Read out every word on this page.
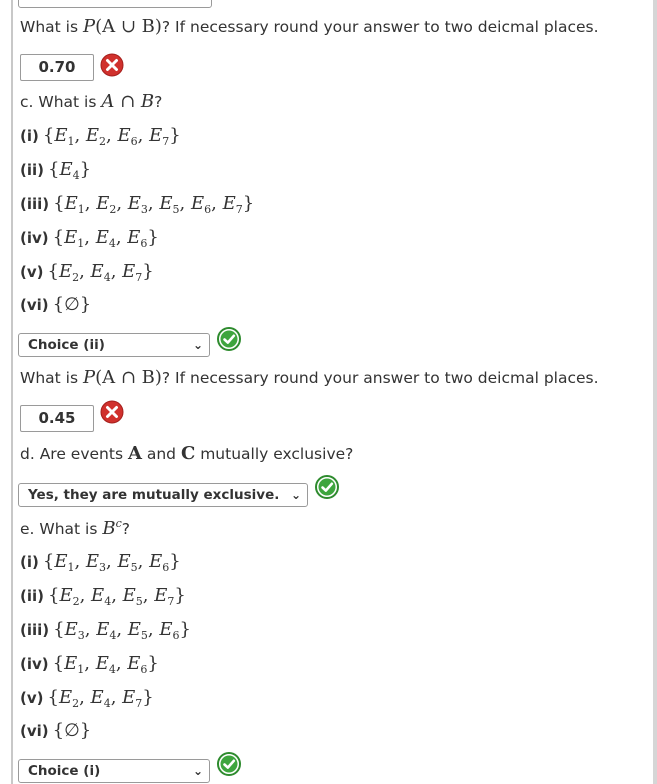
What is P(A ∪ B)? If necessary round your answer to two deicmal places.
0.70
c. What is A ∩ B?
(i) {$E_1$, $E_2$, $E_6$, $E_7$}
(ii) $\{E_4\}$
(iii) {$E_1$, $E_2$, $E_3$, $E_5$, $E_6$, $E_7$}
(iv) {$E_1$, $E_4$, $E_6$}
(v) {$E_2$, $E_4$, $E_7$}
(vi) {∅}
Choice (ii)	⌄
What is P(A ∩ B)? If necessary round your answer to two deicmal places.
0.45
d. Are events A and C mutually exclusive?
Yes, they are mutually exclusive. ⌄
e. What is $B^c$?
(i) {$E_1$, $E_3$, $E_5$, $E_6$}
(ii) {$E_2$, $E_4$, $E_5$, $E_7$}
(iii) {$E_3$, $E_4$, $E_5$, $E_6$}
(iv) {$E_1$, $E_4$, $E_6$}
(v) {$E_2$, $E_4$, $E_7$}
(vi) {∅}
Choice (i)	⌄
